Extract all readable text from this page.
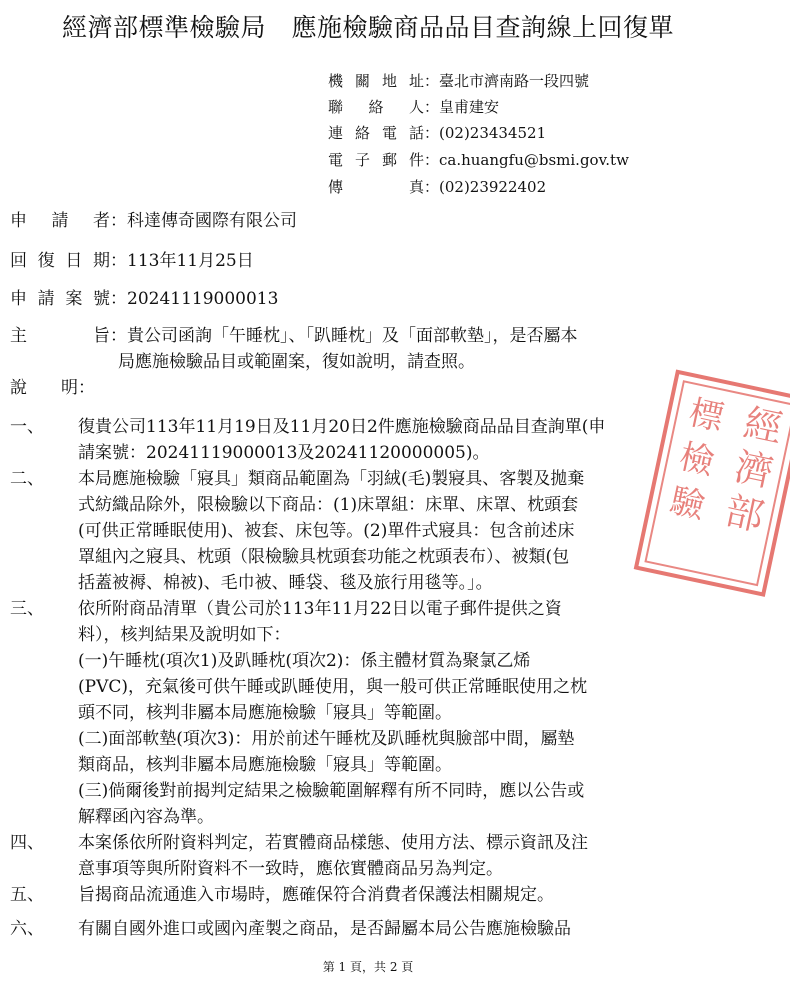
經濟部標準檢驗局　應施檢驗商品品目查詢線上回復單
機關地址：臺北市濟南路一段四號
聯 絡 人：皇甫建安
連絡電話：(02)23434521
電子郵件：ca.huangfu@bsmi.gov.tw
傳　　真：(02)23922402
申 請 者：科達傳奇國際有限公司
回復日期：113年11月25日
申請案號：20241119000013
主　　旨：貴公司函詢「午睡枕」、「趴睡枕」及「面部軟墊」，是否屬本
局應施檢驗品目或範圍案，復如說明，請查照。
說　　明：
一、 復貴公司113年11月19日及11月20日2件應施檢驗商品品目查詢單(申
請案號：20241119000013及20241120000005)。
二、 本局應施檢驗「寢具」類商品範圍為「羽絨(毛)製寢具、客製及拋棄
式紡織品除外，限檢驗以下商品：(1)床罩組：床單、床罩、枕頭套
(可供正常睡眠使用)、被套、床包等。(2)單件式寢具：包含前述床
罩組內之寢具、枕頭（限檢驗具枕頭套功能之枕頭表布）、被類(包
括蓋被褥、棉被)、毛巾被、睡袋、毯及旅行用毯等。」。
三、 依所附商品清單（貴公司於113年11月22日以電子郵件提供之資
料），核判結果及說明如下：
(一)午睡枕(項次1)及趴睡枕(項次2)：係主體材質為聚氯乙烯
(PVC)，充氣後可供午睡或趴睡使用，與一般可供正常睡眠使用之枕
頭不同，核判非屬本局應施檢驗「寢具」等範圍。
(二)面部軟墊(項次3)：用於前述午睡枕及趴睡枕與臉部中間，屬墊
類商品，核判非屬本局應施檢驗「寢具」等範圍。
(三)倘爾後對前揭判定結果之檢驗範圍解釋有所不同時，應以公告或
解釋函內容為準。
四、 本案係依所附資料判定，若實體商品樣態、使用方法、標示資訊及注
意事項等與所附資料不一致時，應依實體商品另為判定。
五、 旨揭商品流通進入市場時，應確保符合消費者保護法相關規定。
六、 有關自國外進口或國內產製之商品，是否歸屬本局公告應施檢驗品
經
濟
部
標
檢
驗
第 1 頁，共 2 頁
